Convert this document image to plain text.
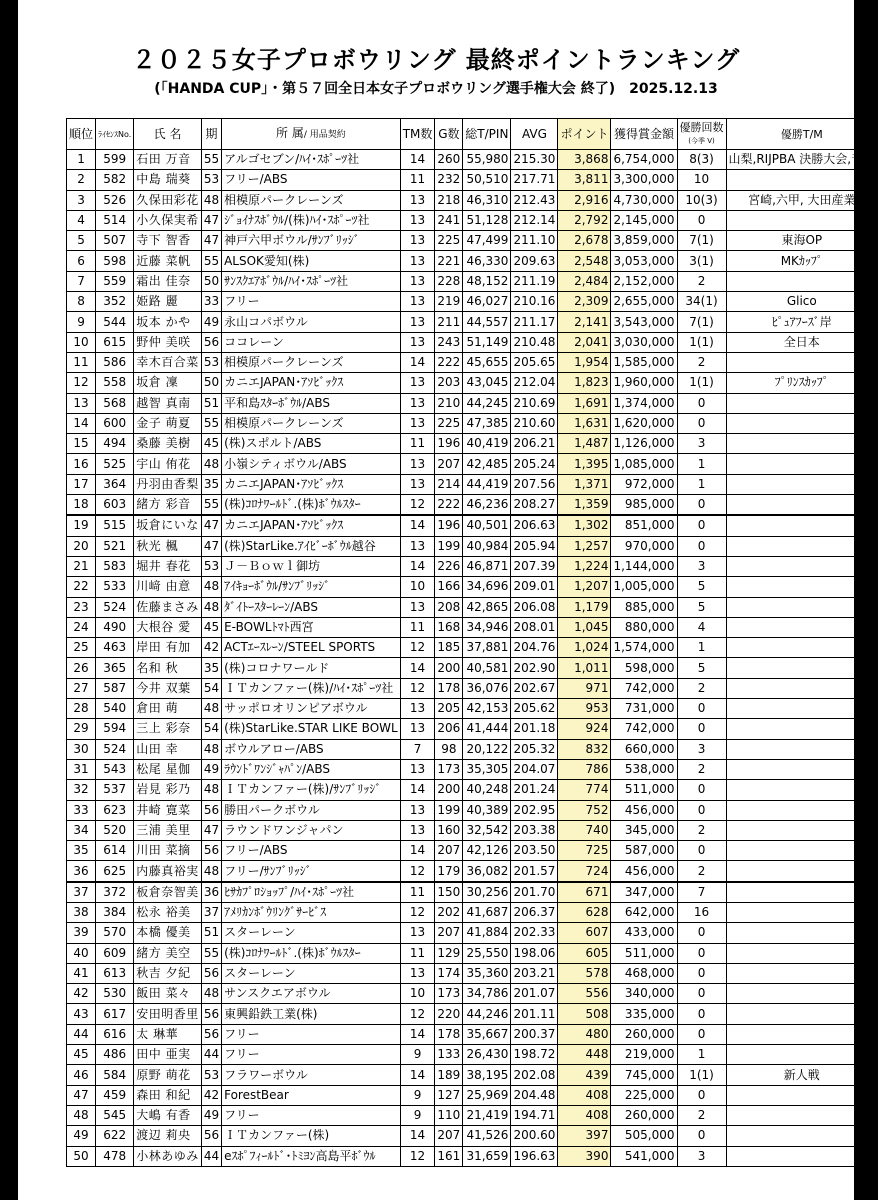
２０２５女子プロボウリング 最終ポイントランキング
(「HANDA CUP」・第５７回全日本女子プロボウリング選手権大会 終了)　2025.12.13
順位	ﾗｲｾﾝｽNo.	氏 名	期	所 属/ 用品契約	TM数	G数	総T/PIN	AVG	ポイント	獲得賞金額	優勝回数
(今季 V)	優勝T/M
1	599	石田 万音	55	アルゴセブン/ﾊｲ･ｽﾎﾟｰﾂ社	14	260	55,980	215.30	3,868	6,754,000	8(3)	山梨,RIJPBA 決勝大会,千葉
2	582	中島 瑞葵	53	フリー/ABS	11	232	50,510	217.71	3,811	3,300,000	10	
3	526	久保田彩花	48	相模原パークレーンズ	13	218	46,310	212.43	2,916	4,730,000	10(3)	宮崎,六甲, 大田産業
4	514	小久保実希	47	ｼﾞｮｲﾅｽﾎﾞｳﾙ/(株)ﾊｲ･ｽﾎﾟｰﾂ社	13	241	51,128	212.14	2,792	2,145,000	0	
5	507	寺下 智香	47	神戸六甲ボウル/ｻﾝﾌﾞﾘｯｼﾞ	13	225	47,499	211.10	2,678	3,859,000	7(1)	東海OP
6	598	近藤 菜帆	55	ALSOK愛知(株)	13	221	46,330	209.63	2,548	3,053,000	3(1)	MKｶｯﾌﾟ
7	559	霜出 佳奈	50	ｻﾝｽｸｴｱﾎﾞｳﾙ/ﾊｲ･ｽﾎﾟｰﾂ社	13	228	48,152	211.19	2,484	2,152,000	2	
8	352	姫路 麗	33	フリー	13	219	46,027	210.16	2,309	2,655,000	34(1)	Glico
9	544	坂本 かや	49	永山コパボウル	13	211	44,557	211.17	2,141	3,543,000	7(1)	ﾋﾟｭｱﾌｰｽﾞ岸
10	615	野仲 美咲	56	ココレーン	13	243	51,149	210.48	2,041	3,030,000	1(1)	全日本
11	586	幸木百合菜	53	相模原パークレーンズ	14	222	45,655	205.65	1,954	1,585,000	2	
12	558	坂倉 凜	50	カニエJAPAN･ｱｿﾋﾞｯｸｽ	13	203	43,045	212.04	1,823	1,960,000	1(1)	ﾌﾟﾘﾝｽｶｯﾌﾟ
13	568	越智 真南	51	平和島ｽﾀｰﾎﾞｳﾙ/ABS	13	210	44,245	210.69	1,691	1,374,000	0	
14	600	金子 萌夏	55	相模原パークレーンズ	13	225	47,385	210.60	1,631	1,620,000	0	
15	494	桑藤 美樹	45	(株)スポルト/ABS	11	196	40,419	206.21	1,487	1,126,000	3	
16	525	宇山 侑花	48	小嶺シティボウル/ABS	13	207	42,485	205.24	1,395	1,085,000	1	
17	364	丹羽由香梨	35	カニエJAPAN･ｱｿﾋﾞｯｸｽ	13	214	44,419	207.56	1,371	972,000	1	
18	603	緒方 彩音	55	(株)ｺﾛﾅﾜｰﾙﾄﾞ.(株)ﾎﾞｳﾙｽﾀｰ	12	222	46,236	208.27	1,359	985,000	0	
19	515	坂倉にいな	47	カニエJAPAN･ｱｿﾋﾞｯｸｽ	14	196	40,501	206.63	1,302	851,000	0	
20	521	秋光 楓	47	(株)StarLike.ｱｲﾋﾞｰﾎﾞｳﾙ越谷	13	199	40,984	205.94	1,257	970,000	0	
21	583	堀井 春花	53	Ｊ－Ｂｏｗｌ御坊	14	226	46,871	207.39	1,224	1,144,000	3	
22	533	川﨑 由意	48	ｱｲｷｮｰﾎﾞｳﾙ/ｻﾝﾌﾞﾘｯｼﾞ	10	166	34,696	209.01	1,207	1,005,000	5	
23	524	佐藤まさみ	48	ﾀﾞｲﾄｰｽﾀｰﾚｰﾝ/ABS	13	208	42,865	206.08	1,179	885,000	5	
24	490	大根谷 愛	45	E-BOWLﾄﾏﾄ西宮	11	168	34,946	208.01	1,045	880,000	4	
25	463	岸田 有加	42	ACTｴｰｽﾚｰﾝ/STEEL SPORTS	12	185	37,881	204.76	1,024	1,574,000	1	
26	365	名和 秋	35	(株)コロナワールド	14	200	40,581	202.90	1,011	598,000	5	
27	587	今井 双葉	54	ＩＴカンファー(株)/ﾊｲ･ｽﾎﾟｰﾂ社	12	178	36,076	202.67	971	742,000	2	
28	540	倉田 萌	48	サッポロオリンピアボウル	13	205	42,153	205.62	953	731,000	0	
29	594	三上 彩奈	54	(株)StarLike.STAR LIKE BOWL	13	206	41,444	201.18	924	742,000	0	
30	524	山田 幸	48	ボウルアロー/ABS	7	98	20,122	205.32	832	660,000	3	
31	543	松尾 星伽	49	ﾗｳﾝﾄﾞﾜﾝｼﾞｬﾊﾟﾝ/ABS	13	173	35,305	204.07	786	538,000	2	
32	537	岩見 彩乃	48	ＩＴカンファー(株)/ｻﾝﾌﾞﾘｯｼﾞ	14	200	40,248	201.24	774	511,000	0	
33	623	井崎 寛菜	56	勝田パークボウル	13	199	40,389	202.95	752	456,000	0	
34	520	三浦 美里	47	ラウンドワンジャパン	13	160	32,542	203.38	740	345,000	2	
35	614	川田 菜摘	56	フリー/ABS	14	207	42,126	203.50	725	587,000	0	
36	625	内藤真裕実	48	フリー/ｻﾝﾌﾞﾘｯｼﾞ	12	179	36,082	201.57	724	456,000	2	
37	372	板倉奈智美	36	ﾋｻｶﾌﾟﾛｼｮｯﾌﾟ/ﾊｲ･ｽﾎﾟｰﾂ社	11	150	30,256	201.70	671	347,000	7	
38	384	松永 裕美	37	ｱﾒﾘｶﾝﾎﾞｳﾘﾝｸﾞｻｰﾋﾞｽ	12	202	41,687	206.37	628	642,000	16	
39	570	本橋 優美	51	スターレーン	13	207	41,884	202.33	607	433,000	0	
40	609	緒方 美空	55	(株)ｺﾛﾅﾜｰﾙﾄﾞ.(株)ﾎﾞｳﾙｽﾀｰ	11	129	25,550	198.06	605	511,000	0	
41	613	秋吉 夕紀	56	スターレーン	13	174	35,360	203.21	578	468,000	0	
42	530	飯田 菜々	48	サンスクエアボウル	10	173	34,786	201.07	556	340,000	0	
43	617	安田明香里	56	東興鉛鉄工業(株)	12	220	44,246	201.11	508	335,000	0	
44	616	太 琳華	56	フリー	14	178	35,667	200.37	480	260,000	0	
45	486	田中 亜実	44	フリー	9	133	26,430	198.72	448	219,000	1	
46	584	原野 萌花	53	フラワーボウル	14	189	38,195	202.08	439	745,000	1(1)	新人戦
47	459	森田 和紀	42	ForestBear	9	127	25,969	204.48	408	225,000	0	
48	545	大嶋 有香	49	フリー	9	110	21,419	194.71	408	260,000	2	
49	622	渡辺 莉央	56	ＩＴカンファー(株)	14	207	41,526	200.60	397	505,000	0	
50	478	小林あゆみ	44	eｽﾎﾟﾌｨｰﾙﾄﾞ･ﾄﾐﾖﾝ高島平ﾎﾞｳﾙ	12	161	31,659	196.63	390	541,000	3	
